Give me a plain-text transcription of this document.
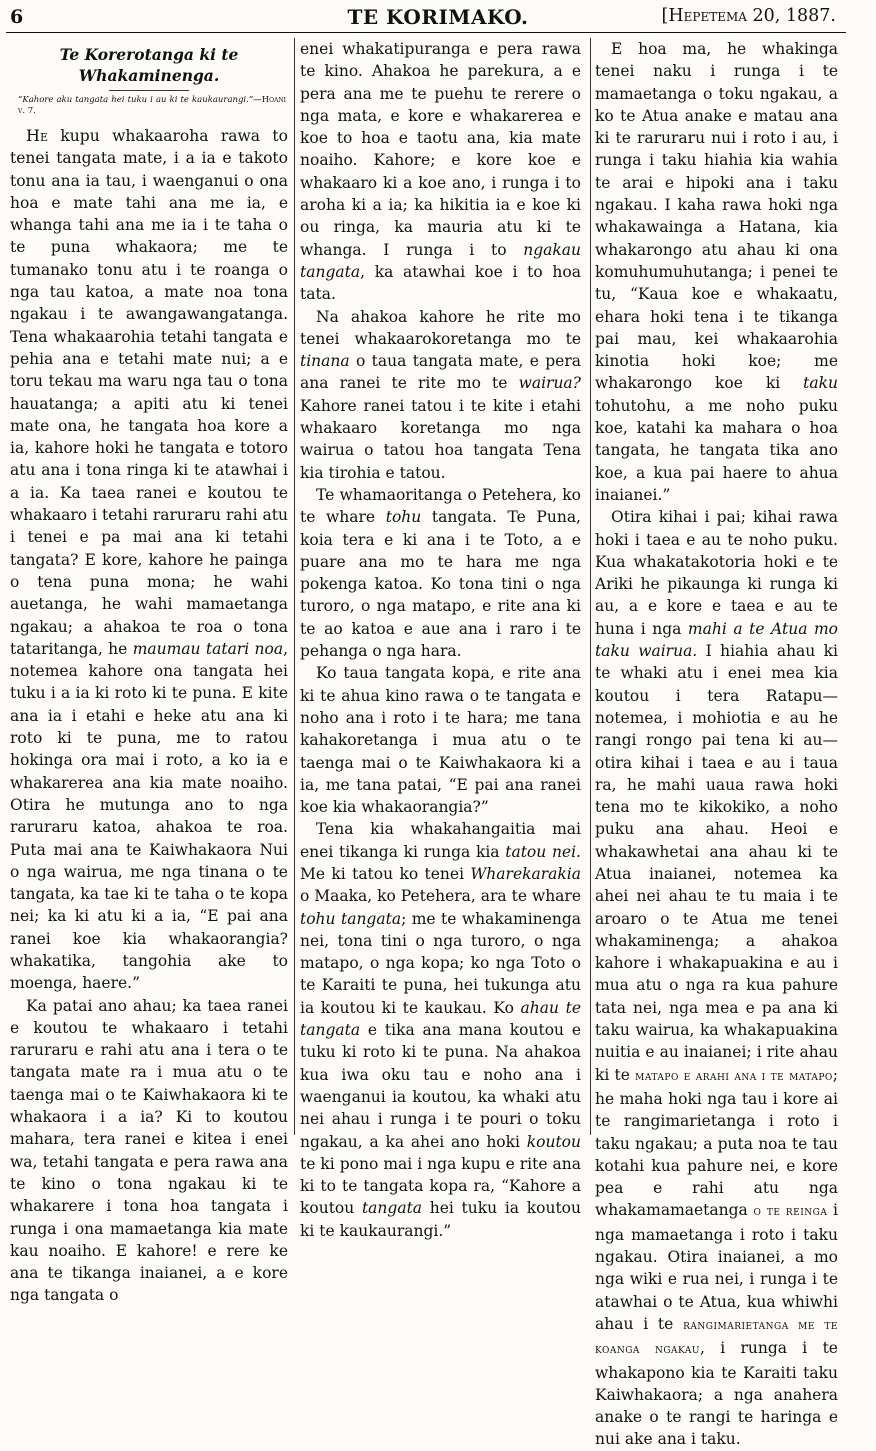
6	TE KORIMAKO.	[Hepetema 20, 1887.
Te Korerotanga ki te Whakaminenga.
“Kahore aku tangata hei tuku i au ki te kaukaurangi.”—Hoani v. 7.

He kupu whakaaroha rawa to tenei tangata mate, i a ia e takoto tonu ana ia tau, i waenganui o ona hoa e mate tahi ana me ia, e whanga tahi ana me ia i te taha o te puna whakaora; me te tumanako tonu atu i te roanga o nga tau katoa, a mate noa tona ngakau i te awangawangatanga. Tena whakaarohia tetahi tangata e pehia ana e tetahi mate nui; a e toru tekau ma waru nga tau o tona hauatanga; a apiti atu ki tenei mate ona, he tangata hoa kore a ia, kahore hoki he tangata e totoro atu ana i tona ringa ki te atawhai i a ia. Ka taea ranei e koutou te whakaaro i tetahi raruraru rahi atu i tenei e pa mai ana ki tetahi tangata? E kore, kahore he painga o tena puna mona; he wahi auetanga, he wahi mamaetanga ngakau; a ahakoa te roa o tona tataritanga, he maumau tatari noa, notemea kahore ona tangata hei tuku i a ia ki roto ki te puna. E kite ana ia i etahi e heke atu ana ki roto ki te puna, me to ratou hokinga ora mai i roto, a ko ia e whakarerea ana kia mate noaiho. Otira he mutunga ano to nga raruraru katoa, ahakoa te roa. Puta mai ana te Kaiwhakaora Nui o nga wairua, me nga tinana o te tangata, ka tae ki te taha o te kopa nei; ka ki atu ki a ia, “E pai ana ranei koe kia whakaorangia? whakatika, tangohia ake to moenga, haere.”

Ka patai ano ahau; ka taea ranei e koutou te whakaaro i tetahi raruraru e rahi atu ana i tera o te tangata mate ra i mua atu o te taenga mai o te Kaiwhakaora ki te whakaora i a ia? Ki to koutou mahara, tera ranei e kitea i enei wa, tetahi tangata e pera rawa ana te kino o tona ngakau ki te whakarere i tona hoa tangata i runga i ona mamaetanga kia mate kau noaiho. E kahore! e rere ke ana te tikanga inaianei, a e kore nga tangata o

enei whakatipuranga e pera rawa te kino. Ahakoa he parekura, a e pera ana me te puehu te rerere o nga mata, e kore e whakarerea e koe to hoa e taotu ana, kia mate noaiho. Kahore; e kore koe e whakaaro ki a koe ano, i runga i to aroha ki a ia; ka hikitia ia e koe ki ou ringa, ka mauria atu ki te whanga. I runga i to ngakau tangata, ka atawhai koe i to hoa tata.

Na ahakoa kahore he rite mo tenei whakaarokoretanga mo te tinana o taua tangata mate, e pera ana ranei te rite mo te wairua? Kahore ranei tatou i te kite i etahi whakaaro koretanga mo nga wairua o tatou hoa tangata Tena kia tirohia e tatou.

Te whamaoritanga o Petehera, ko te whare tohu tangata. Te Puna, koia tera e ki ana i te Toto, a e puare ana mo te hara me nga pokenga katoa. Ko tona tini o nga turoro, o nga matapo, e rite ana ki te ao katoa e aue ana i raro i te pehanga o nga hara.

Ko taua tangata kopa, e rite ana ki te ahua kino rawa o te tangata e noho ana i roto i te hara; me tana kahakoretanga i mua atu o te taenga mai o te Kaiwhakaora ki a ia, me tana patai, “E pai ana ranei koe kia whakaorangia?”

Tena kia whakahangaitia mai enei tikanga ki runga kia tatou nei. Me ki tatou ko tenei Wharekarakia o Maaka, ko Petehera, ara te whare tohu tangata; me te whakaminenga nei, tona tini o nga turoro, o nga matapo, o nga kopa; ko nga Toto o te Karaiti te puna, hei tukunga atu ia koutou ki te kaukau. Ko ahau te tangata e tika ana mana koutou e tuku ki roto ki te puna. Na ahakoa kua iwa oku tau e noho ana i waenganui ia koutou, ka whaki atu nei ahau i runga i te pouri o toku ngakau, a ka ahei ano hoki koutou te ki pono mai i nga kupu e rite ana ki to te tangata kopa ra, “Kahore a koutou tangata hei tuku ia koutou ki te kaukaurangi.”

E hoa ma, he whakinga tenei naku i runga i te mamaetanga o toku ngakau, a ko te Atua anake e matau ana ki te raruraru nui i roto i au, i runga i taku hiahia kia wahia te arai e hipoki ana i taku ngakau. I kaha rawa hoki nga whakawainga a Hatana, kia whakarongo atu ahau ki ona komuhumuhutanga; i penei te tu, “Kaua koe e whakaatu, ehara hoki tena i te tikanga pai mau, kei whakaarohia kinotia hoki koe; me whakarongo koe ki taku tohutohu, a me noho puku koe, katahi ka mahara o hoa tangata, he tangata tika ano koe, a kua pai haere to ahua inaianei.”

Otira kihai i pai; kihai rawa hoki i taea e au te noho puku. Kua whakatakotoria hoki e te Ariki he pikaunga ki runga ki au, a e kore e taea e au te huna i nga mahi a te Atua mo taku wairua. I hiahia ahau ki te whaki atu i enei mea kia koutou i tera Ratapu—notemea, i mohiotia e au he rangi rongo pai tena ki au—otira kihai i taea e au i taua ra, he mahi uaua rawa hoki tena mo te kikokiko, a noho puku ana ahau. Heoi e whakawhetai ana ahau ki te Atua inaianei, notemea ka ahei nei ahau te tu maia i te aroaro o te Atua me tenei whakaminenga; a ahakoa kahore i whakapuakina e au i mua atu o nga ra kua pahure tata nei, nga mea e pa ana ki taku wairua, ka whakapuakina nuitia e au inaianei; i rite ahau ki te matapo e arahi ana i te matapo; he maha hoki nga tau i kore ai te rangimarietanga i roto i taku ngakau; a puta noa te tau kotahi kua pahure nei, e kore pea e rahi atu nga whakamamaetanga o te reinga i nga mamaetanga i roto i taku ngakau. Otira inaianei, a mo nga wiki e rua nei, i runga i te atawhai o te Atua, kua whiwhi ahau i te rangimarietanga me te koanga ngakau, i runga i te whakapono kia te Karaiti taku Kaiwhakaora; a nga anahera anake o te rangi te haringa e nui ake ana i taku.
